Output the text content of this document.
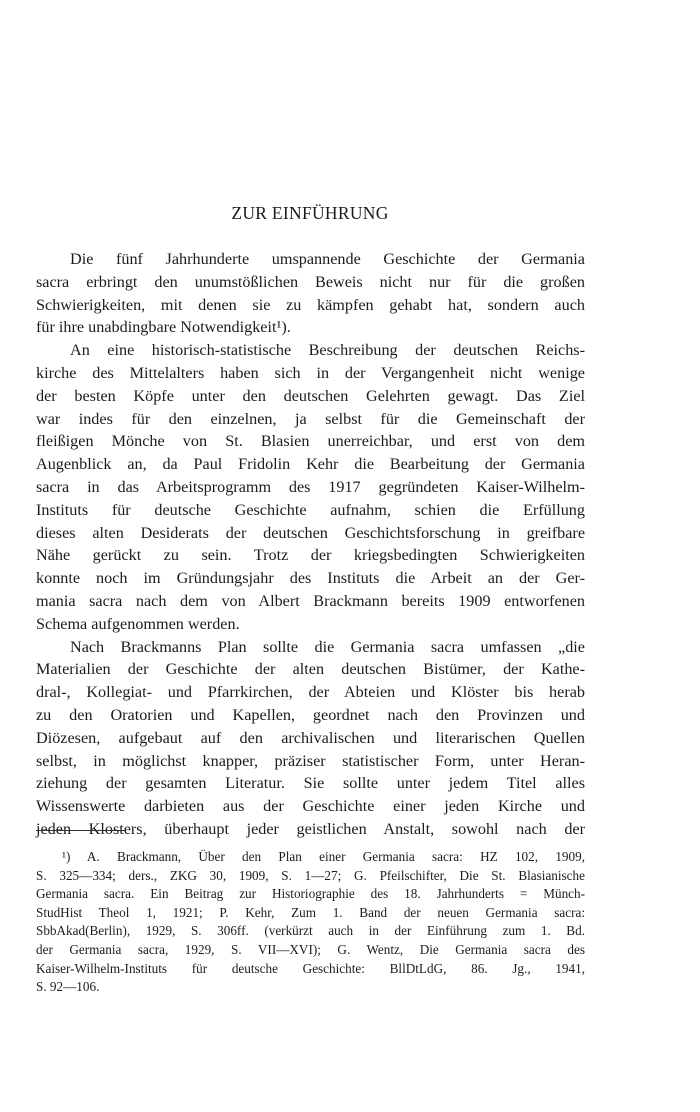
ZUR EINFÜHRUNG
Die fünf Jahrhunderte umspannende Geschichte der Germania
sacra erbringt den unumstößlichen Beweis nicht nur für die großen
Schwierigkeiten, mit denen sie zu kämpfen gehabt hat, sondern auch
für ihre unabdingbare Notwendigkeit¹).
An eine historisch-statistische Beschreibung der deutschen Reichs-
kirche des Mittelalters haben sich in der Vergangenheit nicht wenige
der besten Köpfe unter den deutschen Gelehrten gewagt. Das Ziel
war indes für den einzelnen, ja selbst für die Gemeinschaft der
fleißigen Mönche von St. Blasien unerreichbar, und erst von dem
Augenblick an, da Paul Fridolin Kehr die Bearbeitung der Germania
sacra in das Arbeitsprogramm des 1917 gegründeten Kaiser-Wilhelm-
Instituts für deutsche Geschichte aufnahm, schien die Erfüllung
dieses alten Desiderats der deutschen Geschichtsforschung in greifbare
Nähe gerückt zu sein. Trotz der kriegsbedingten Schwierigkeiten
konnte noch im Gründungsjahr des Instituts die Arbeit an der Ger-
mania sacra nach dem von Albert Brackmann bereits 1909 entworfenen
Schema aufgenommen werden.
Nach Brackmanns Plan sollte die Germania sacra umfassen „die
Materialien der Geschichte der alten deutschen Bistümer, der Kathe-
dral-, Kollegiat- und Pfarrkirchen, der Abteien und Klöster bis herab
zu den Oratorien und Kapellen, geordnet nach den Provinzen und
Diözesen, aufgebaut auf den archivalischen und literarischen Quellen
selbst, in möglichst knapper, präziser statistischer Form, unter Heran-
ziehung der gesamten Literatur. Sie sollte unter jedem Titel alles
Wissenswerte darbieten aus der Geschichte einer jeden Kirche und
jeden Klosters, überhaupt jeder geistlichen Anstalt, sowohl nach der
¹) A. Brackmann, Über den Plan einer Germania sacra: HZ 102, 1909,
S. 325—334; ders., ZKG 30, 1909, S. 1—27; G. Pfeilschifter, Die St. Blasianische
Germania sacra. Ein Beitrag zur Historiographie des 18. Jahrhunderts = Münch-
StudHist Theol 1, 1921; P. Kehr, Zum 1. Band der neuen Germania sacra:
SbbAkad(Berlin), 1929, S. 306ff. (verkürzt auch in der Einführung zum 1. Bd.
der Germania sacra, 1929, S. VII—XVI); G. Wentz, Die Germania sacra des
Kaiser-Wilhelm-Instituts für deutsche Geschichte: BllDtLdG, 86. Jg., 1941,
S. 92—106.
